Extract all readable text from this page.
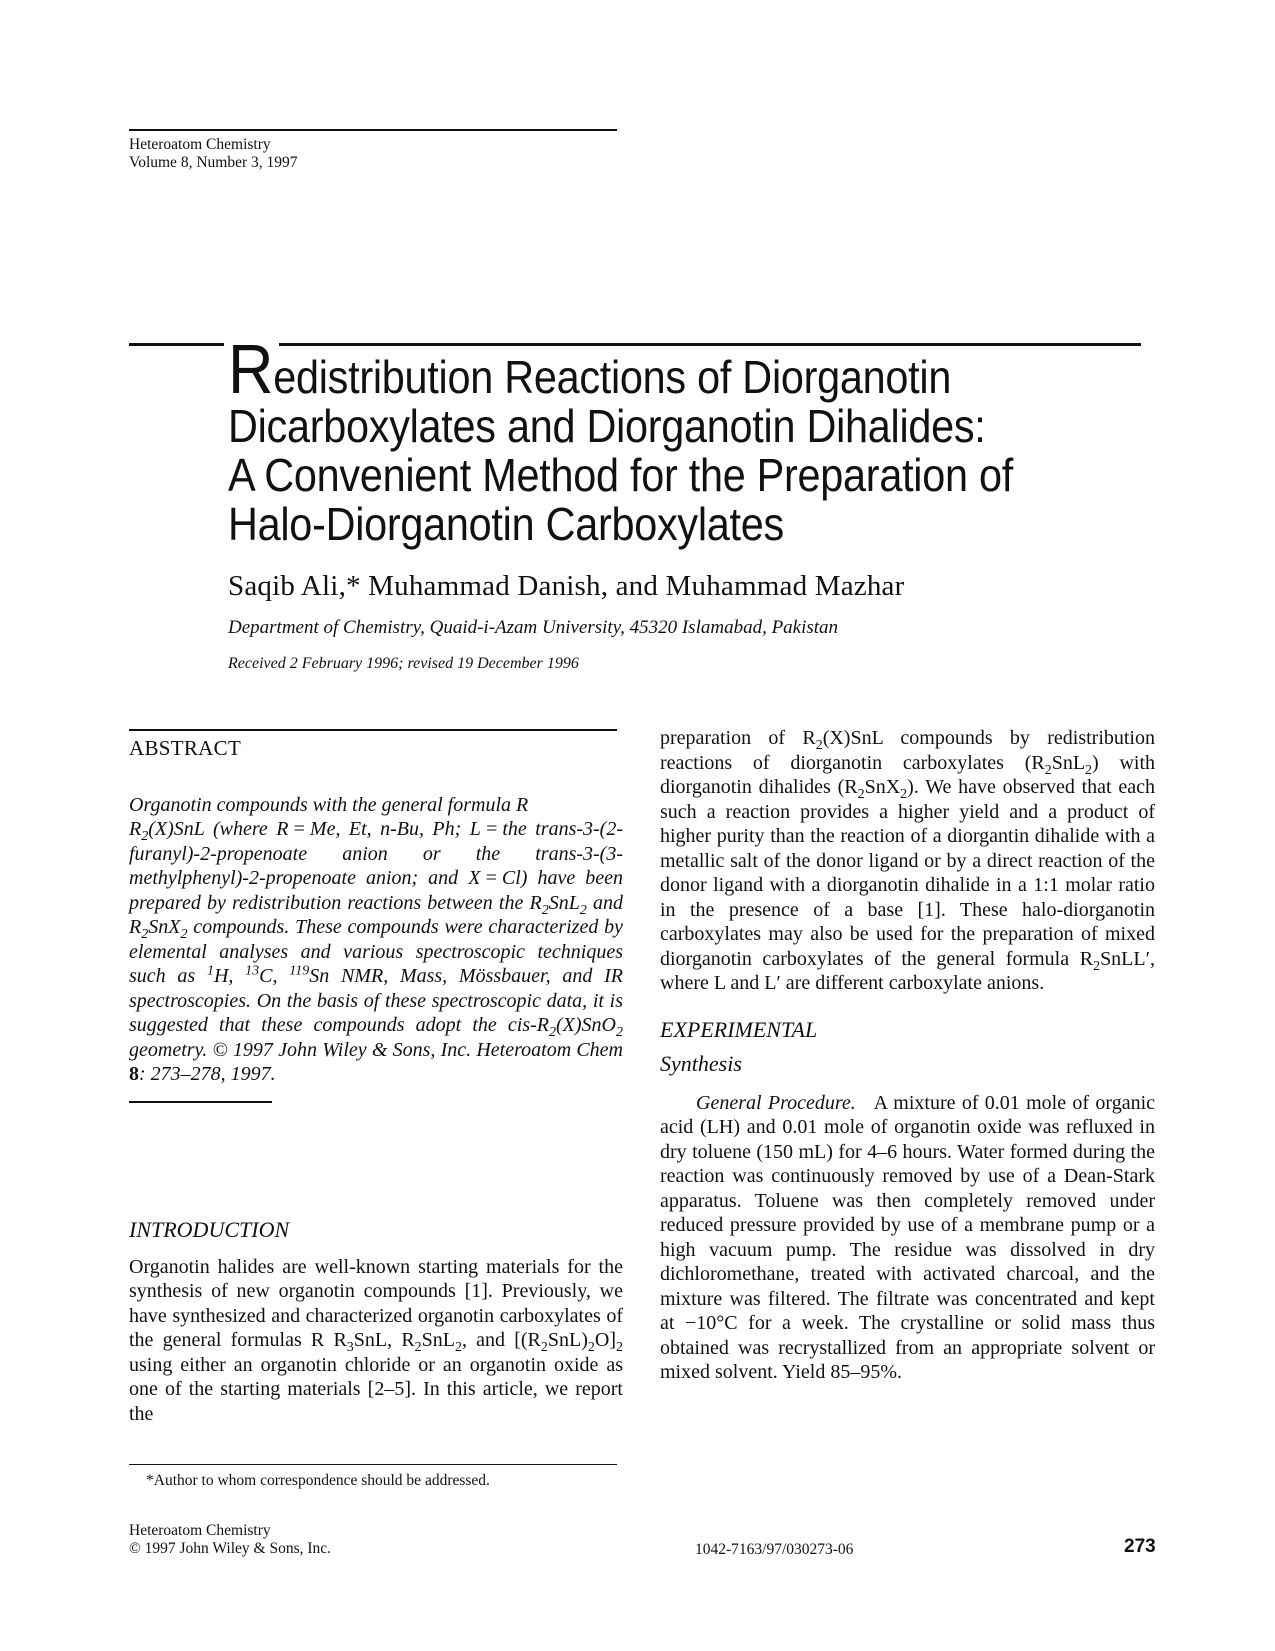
Heteroatom Chemistry
Volume 8, Number 3, 1997
Redistribution Reactions of Diorganotin
Dicarboxylates and Diorganotin Dihalides:
A Convenient Method for the Preparation of
Halo-Diorganotin Carboxylates
Saqib Ali,* Muhammad Danish, and Muhammad Mazhar
Department of Chemistry, Quaid-i-Azam University, 45320 Islamabad, Pakistan
Received 2 February 1996; revised 19 December 1996
ABSTRACT

Organotin compounds with the general formula R
$R_2(X)SnL$ (where R = Me, Et, n-Bu, Ph; L = the trans-3-(2-furanyl)-2-propenoate anion or the trans-3-(3-methylphenyl)-2-propenoate anion; and X = Cl) have been prepared by redistribution reactions between the $R_2SnL_2$ and $R_2SnX_2$ compounds. These compounds were characterized by elemental analyses and various spectroscopic techniques such as $^1$H, $^{13}$C, $^{119}$Sn NMR, Mass, Mössbauer, and IR spectroscopies. On the basis of these spectroscopic data, it is suggested that these compounds adopt the cis-$R_2(X)SnO_2$ geometry. © 1997 John Wiley & Sons, Inc. Heteroatom Chem 8: 273–278, 1997.

INTRODUCTION

Organotin halides are well-known starting materials for the synthesis of new organotin compounds [1]. Previously, we have synthesized and characterized organotin carboxylates of the general formulas R $R_3SnL$, $R_2SnL_2$, and $[(R_2SnL)_2O]_2$ using either an organotin chloride or an organotin oxide as one of the starting materials [2–5]. In this article, we report the

*Author to whom correspondence should be addressed.

preparation of $R_2(X)SnL$ compounds by redistribution reactions of diorganotin carboxylates $(R_2SnL_2)$ with diorganotin dihalides $(R_2SnX_2)$. We have observed that each such a reaction provides a higher yield and a product of higher purity than the reaction of a diorgantin dihalide with a metallic salt of the donor ligand or by a direct reaction of the donor ligand with a diorganotin dihalide in a 1:1 molar ratio in the presence of a base [1]. These halo-diorganotin carboxylates may also be used for the preparation of mixed diorganotin carboxylates of the general formula $R_2SnLL'$, where L and L′ are different carboxylate anions.

EXPERIMENTAL
Synthesis

General Procedure. A mixture of 0.01 mole of organic acid (LH) and 0.01 mole of organotin oxide was refluxed in dry toluene (150 mL) for 4–6 hours. Water formed during the reaction was continuously removed by use of a Dean-Stark apparatus. Toluene was then completely removed under reduced pressure provided by use of a membrane pump or a high vacuum pump. The residue was dissolved in dry dichloromethane, treated with activated charcoal, and the mixture was filtered. The filtrate was concentrated and kept at −10°C for a week. The crystalline or solid mass thus obtained was recrystallized from an appropriate solvent or mixed solvent. Yield 85–95%.

Heteroatom Chemistry
© 1997 John Wiley & Sons, Inc.	1042-7163/97/030273-06	273
